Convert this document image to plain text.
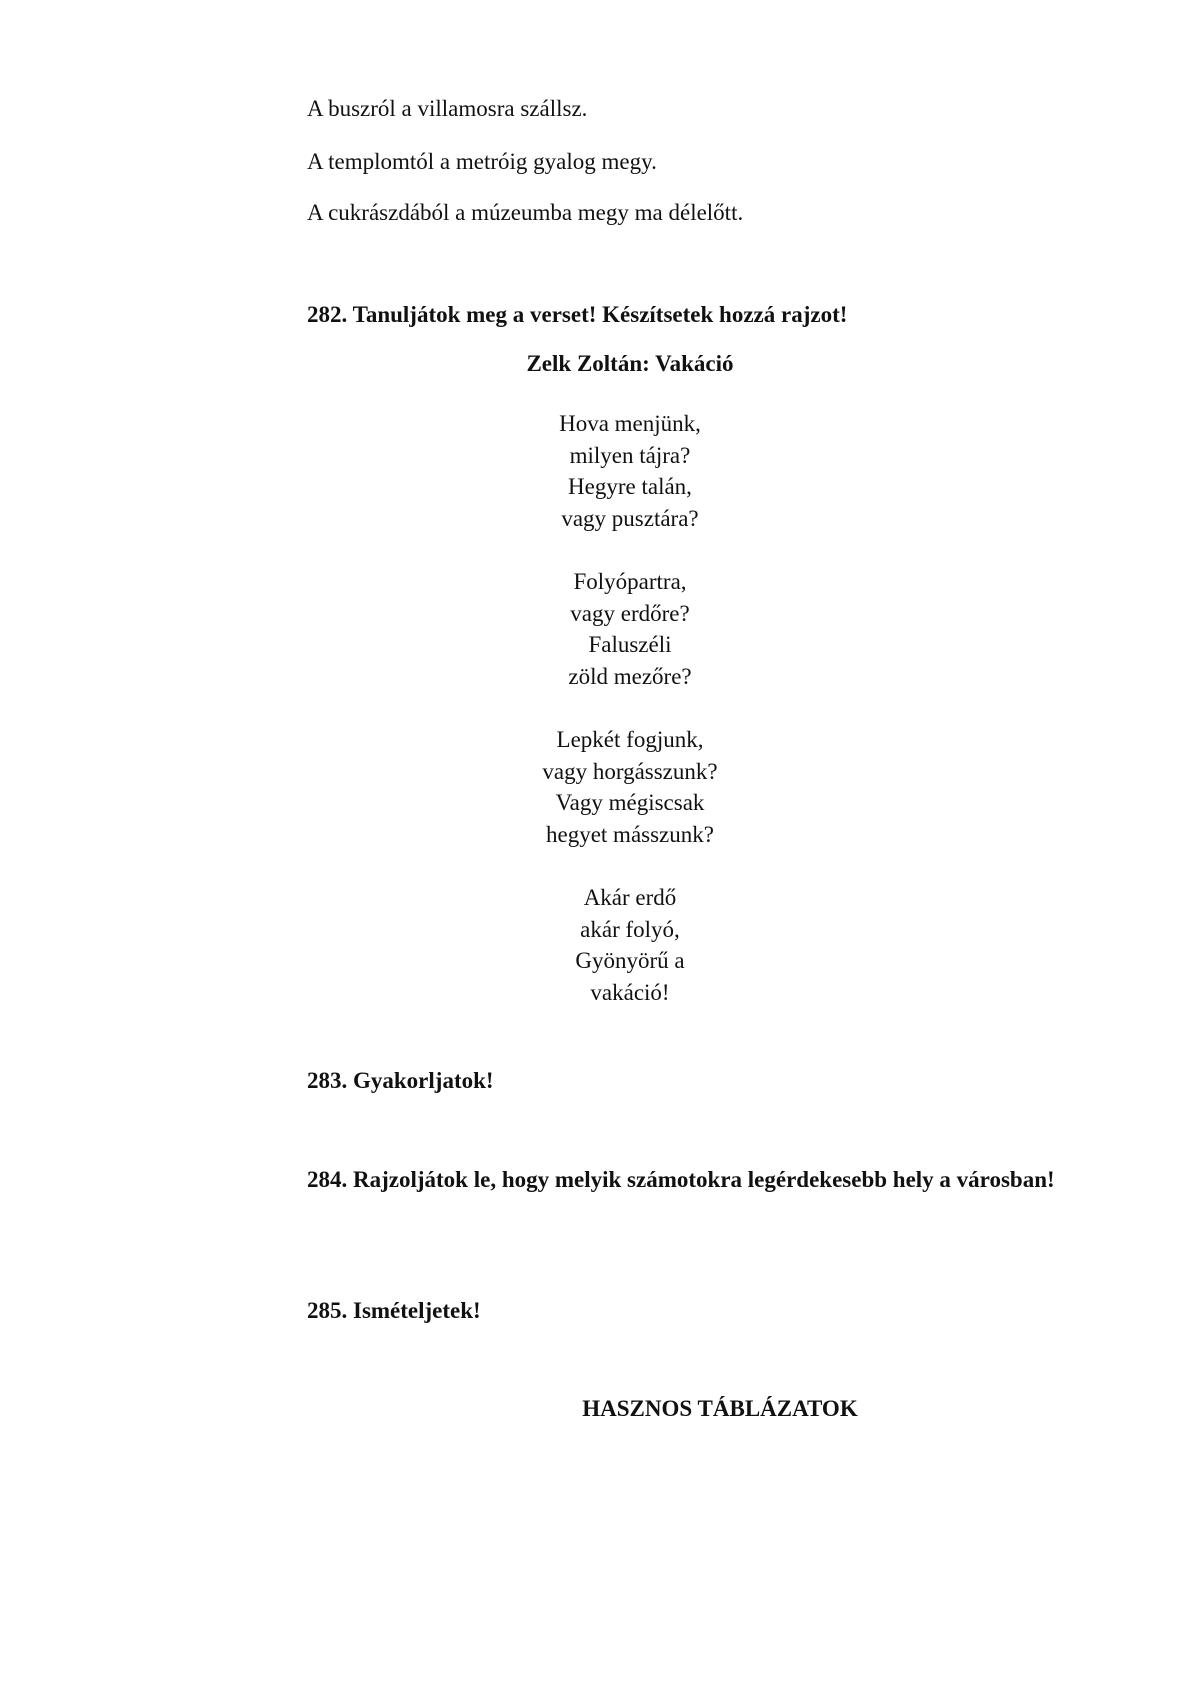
A buszról a villamosra szállsz.
A templomtól a metróig gyalog megy.
A cukrászdából a múzeumba megy ma délelőtt.
282. Tanuljátok meg a verset! Készítsetek hozzá rajzot!
Zelk Zoltán: Vakáció
Hova menjünk,
milyen tájra?
Hegyre talán,
vagy pusztára?
Folyópartra,
vagy erdőre?
Faluszéli
zöld mezőre?
Lepkét fogjunk,
vagy horgásszunk?
Vagy mégiscsak
hegyet másszunk?
Akár erdő
akár folyó,
Gyönyörű a
vakáció!
283. Gyakorljatok!
284. Rajzoljátok le, hogy melyik számotokra legérdekesebb hely a városban!
285. Ismételjetek!
HASZNOS TÁBLÁZATOK
